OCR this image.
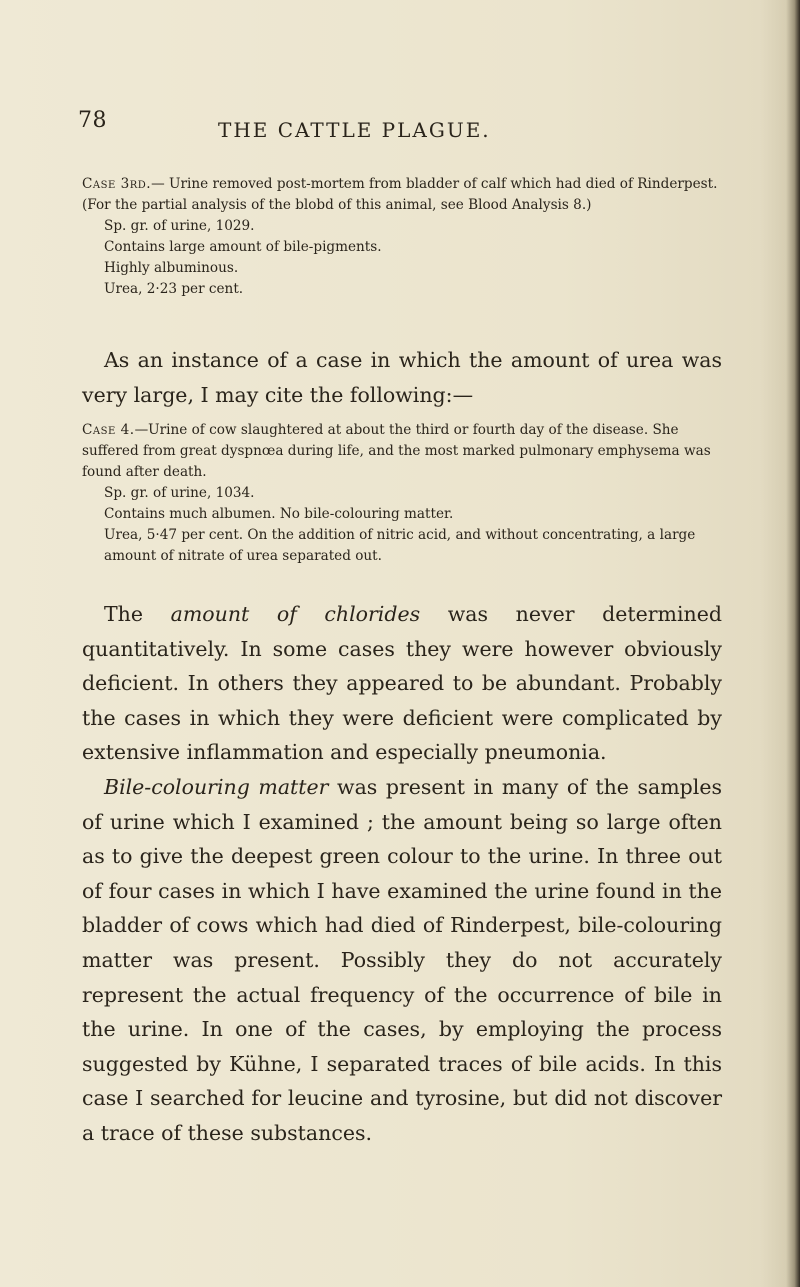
78	THE CATTLE PLAGUE.

Case 3rd.— Urine removed post-mortem from bladder of calf which had died of Rinderpest. (For the partial analysis of the blobd of this animal, see Blood Analysis 8.)

Sp. gr. of urine, 1029.

Contains large amount of bile-pigments.

Highly albuminous.

Urea, 2·23 per cent.

As an instance of a case in which the amount of urea was very large, I may cite the following:—

Case 4.—Urine of cow slaughtered at about the third or fourth day of the disease. She suffered from great dyspnœa during life, and the most marked pulmonary emphysema was found after death.

Sp. gr. of urine, 1034.

Contains much albumen. No bile-colouring matter.

Urea, 5·47 per cent. On the addition of nitric acid, and without concentrating, a large amount of nitrate of urea separated out.

The amount of chlorides was never determined quantitatively. In some cases they were however obviously deficient. In others they appeared to be abundant. Probably the cases in which they were deficient were complicated by extensive inflammation and especially pneumonia.

Bile-colouring matter was present in many of the samples of urine which I examined ; the amount being so large often as to give the deepest green colour to the urine. In three out of four cases in which I have examined the urine found in the bladder of cows which had died of Rinderpest, bile-colouring matter was present. Possibly they do not accurately represent the actual frequency of the occurrence of bile in the urine. In one of the cases, by employing the process suggested by Kühne, I separated traces of bile acids. In this case I searched for leucine and tyrosine, but did not discover a trace of these substances.
